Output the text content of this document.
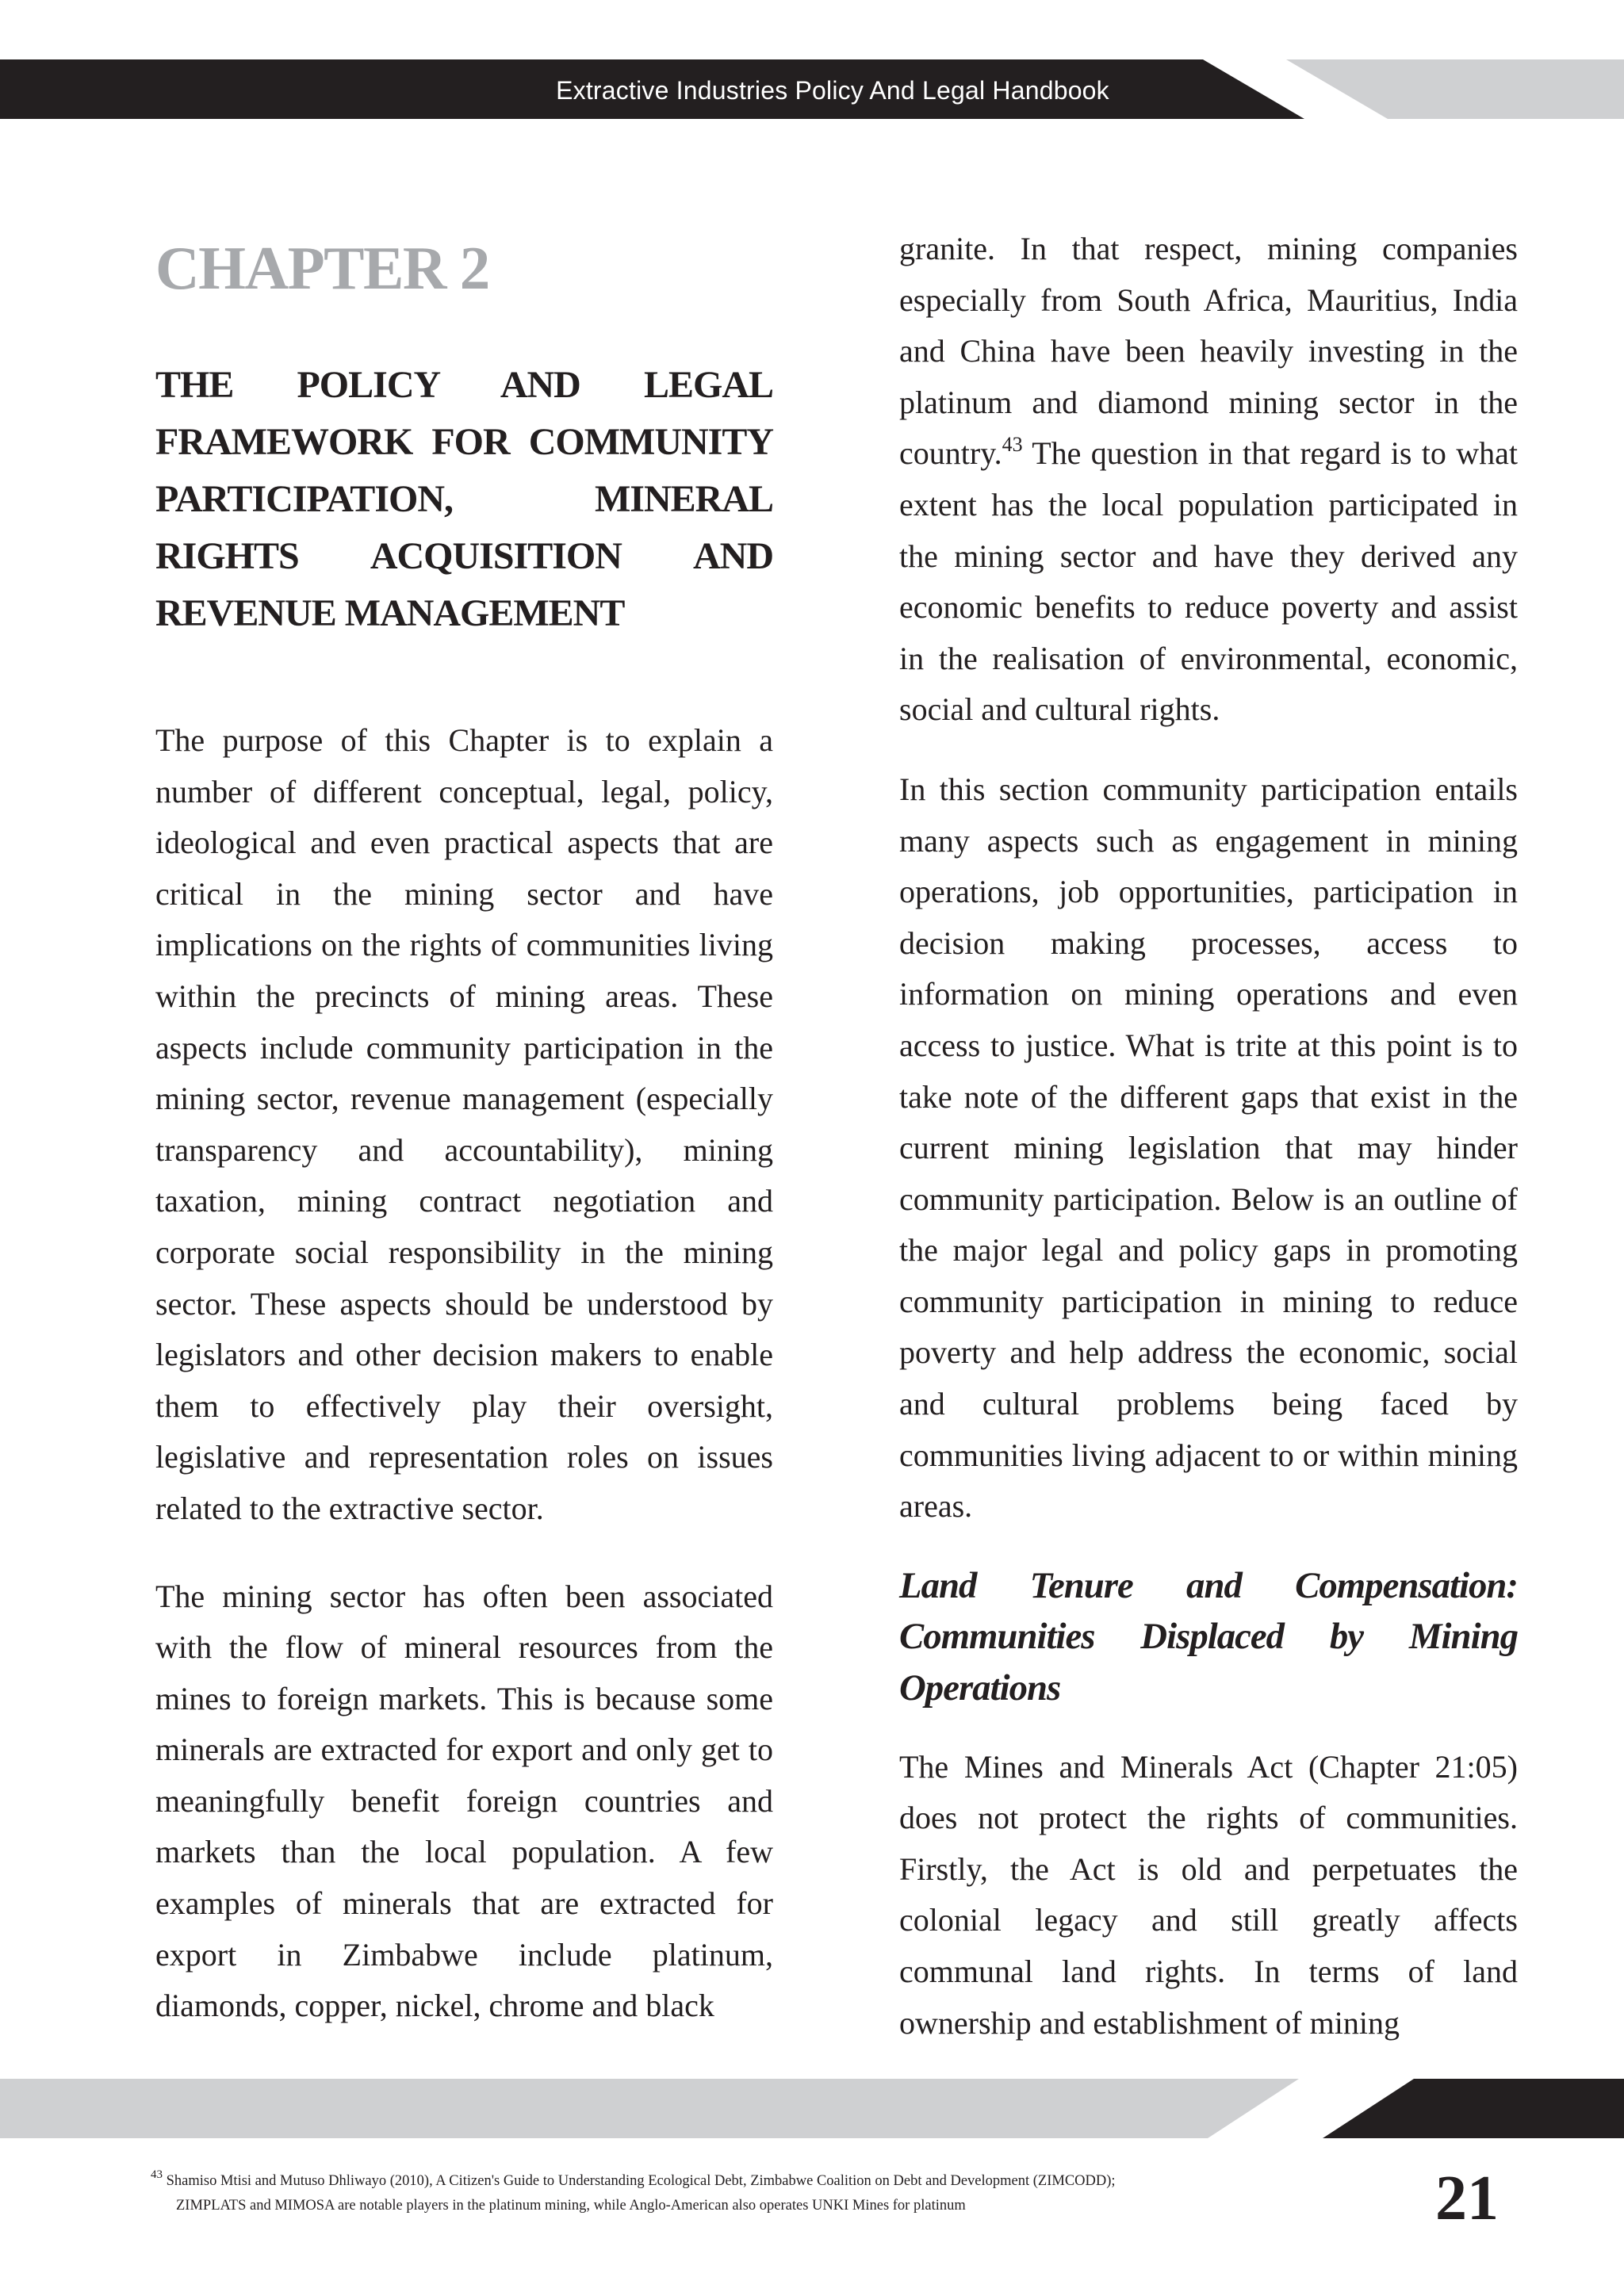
Extractive Industries Policy And Legal Handbook
CHAPTER 2
THE POLICY AND LEGAL FRAMEWORK FOR COMMUNITY PARTICIPATION, MINERAL RIGHTS ACQUISITION AND REVENUE MANAGEMENT

The purpose of this Chapter is to explain a number of different conceptual, legal, policy, ideological and even practical aspects that are critical in the mining sector and have implications on the rights of communities living within the precincts of mining areas. These aspects include community participation in the mining sector, revenue management (especially transparency and accountability), mining taxation, mining contract negotiation and corporate social responsibility in the mining sector. These aspects should be understood by legislators and other decision makers to enable them to effectively play their oversight, legislative and representation roles on issues related to the extractive sector.

The mining sector has often been associated with the flow of mineral resources from the mines to foreign markets. This is because some minerals are extracted for export and only get to meaningfully benefit foreign countries and markets than the local population. A few examples of minerals that are extracted for export in Zimbabwe include platinum, diamonds, copper, nickel, chrome and black

granite. In that respect, mining companies especially from South Africa, Mauritius, India and China have been heavily investing in the platinum and diamond mining sector in the country.$^{43}$ The question in that regard is to what extent has the local population participated in the mining sector and have they derived any economic benefits to reduce poverty and assist in the realisation of environmental, economic, social and cultural rights.

In this section community participation entails many aspects such as engagement in mining operations, job opportunities, participation in decision making processes, access to information on mining operations and even access to justice. What is trite at this point is to take note of the different gaps that exist in the current mining legislation that may hinder community participation. Below is an outline of the major legal and policy gaps in promoting community participation in mining to reduce poverty and help address the economic, social and cultural problems being faced by communities living adjacent to or within mining areas.

Land Tenure and Compensation: Communities Displaced by Mining Operations

The Mines and Minerals Act (Chapter 21:05) does not protect the rights of communities. Firstly, the Act is old and perpetuates the colonial legacy and still greatly affects communal land rights. In terms of land ownership and establishment of mining

$^{43}$ Shamiso Mtisi and Mutuso Dhliwayo (2010), A Citizen's Guide to Understanding Ecological Debt, Zimbabwe Coalition on Debt and Development (ZIMCODD);
ZIMPLATS and MIMOSA are notable players in the platinum mining, while Anglo-American also operates UNKI Mines for platinum	21
